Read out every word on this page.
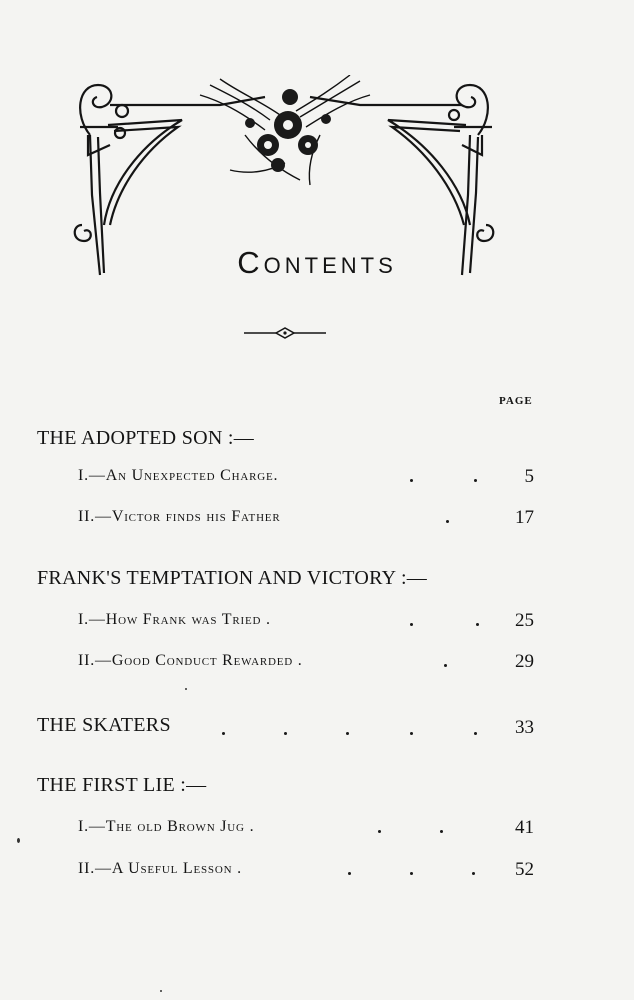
Contents
PAGE
THE ADOPTED SON :—
I.—An Unexpected Charge.	5
II.—Victor finds his Father	17
FRANK'S TEMPTATION AND VICTORY :—
I.—How Frank was Tried .	25
II.—Good Conduct Rewarded .	29
THE SKATERS	33
THE FIRST LIE :—
I.—The old Brown Jug .	41
II.—A Useful Lesson .	52
